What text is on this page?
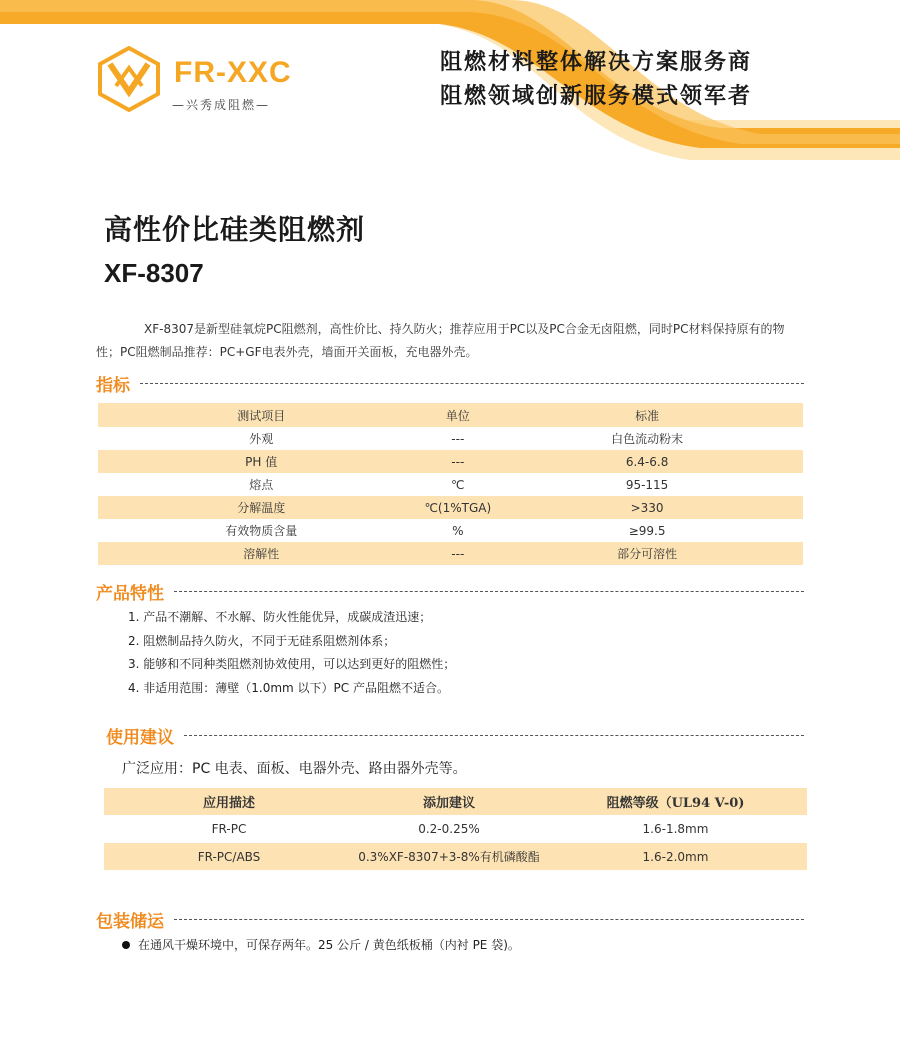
FR-XXC
—兴秀成阻燃—
阻燃材料整体解决方案服务商
阻燃领域创新服务模式领军者
高性价比硅类阻燃剂
XF-8307
XF-8307是新型硅氧烷PC阻燃剂，高性价比、持久防火；推荐应用于PC以及PC合金无卤阻燃，同时PC材料保持原有的物性；PC阻燃制品推荐：PC+GF电表外壳，墙面开关面板，充电器外壳。
指标
测试项目	单位	标准
外观	---	白色流动粉末
PH 值	---	6.4-6.8
熔点	℃	95-115
分解温度	℃(1%TGA)	>330
有效物质含量	%	≥99.5
溶解性	---	部分可溶性
产品特性
1. 产品不潮解、不水解、防火性能优异，成碳成渣迅速；
2. 阻燃制品持久防火，不同于无硅系阻燃剂体系；
3. 能够和不同种类阻燃剂协效使用，可以达到更好的阻燃性；
4. 非适用范围：薄壁（1.0mm 以下）PC 产品阻燃不适合。
使用建议
广泛应用：PC 电表、面板、电器外壳、路由器外壳等。
应用描述	添加建议	阻燃等级（UL94 V-0)
FR-PC	0.2-0.25%	1.6-1.8mm
FR-PC/ABS	0.3%XF-8307+3-8%有机磷酸酯	1.6-2.0mm
包装储运
在通风干燥环境中，可保存两年。25 公斤 / 黄色纸板桶（内衬 PE 袋)。
